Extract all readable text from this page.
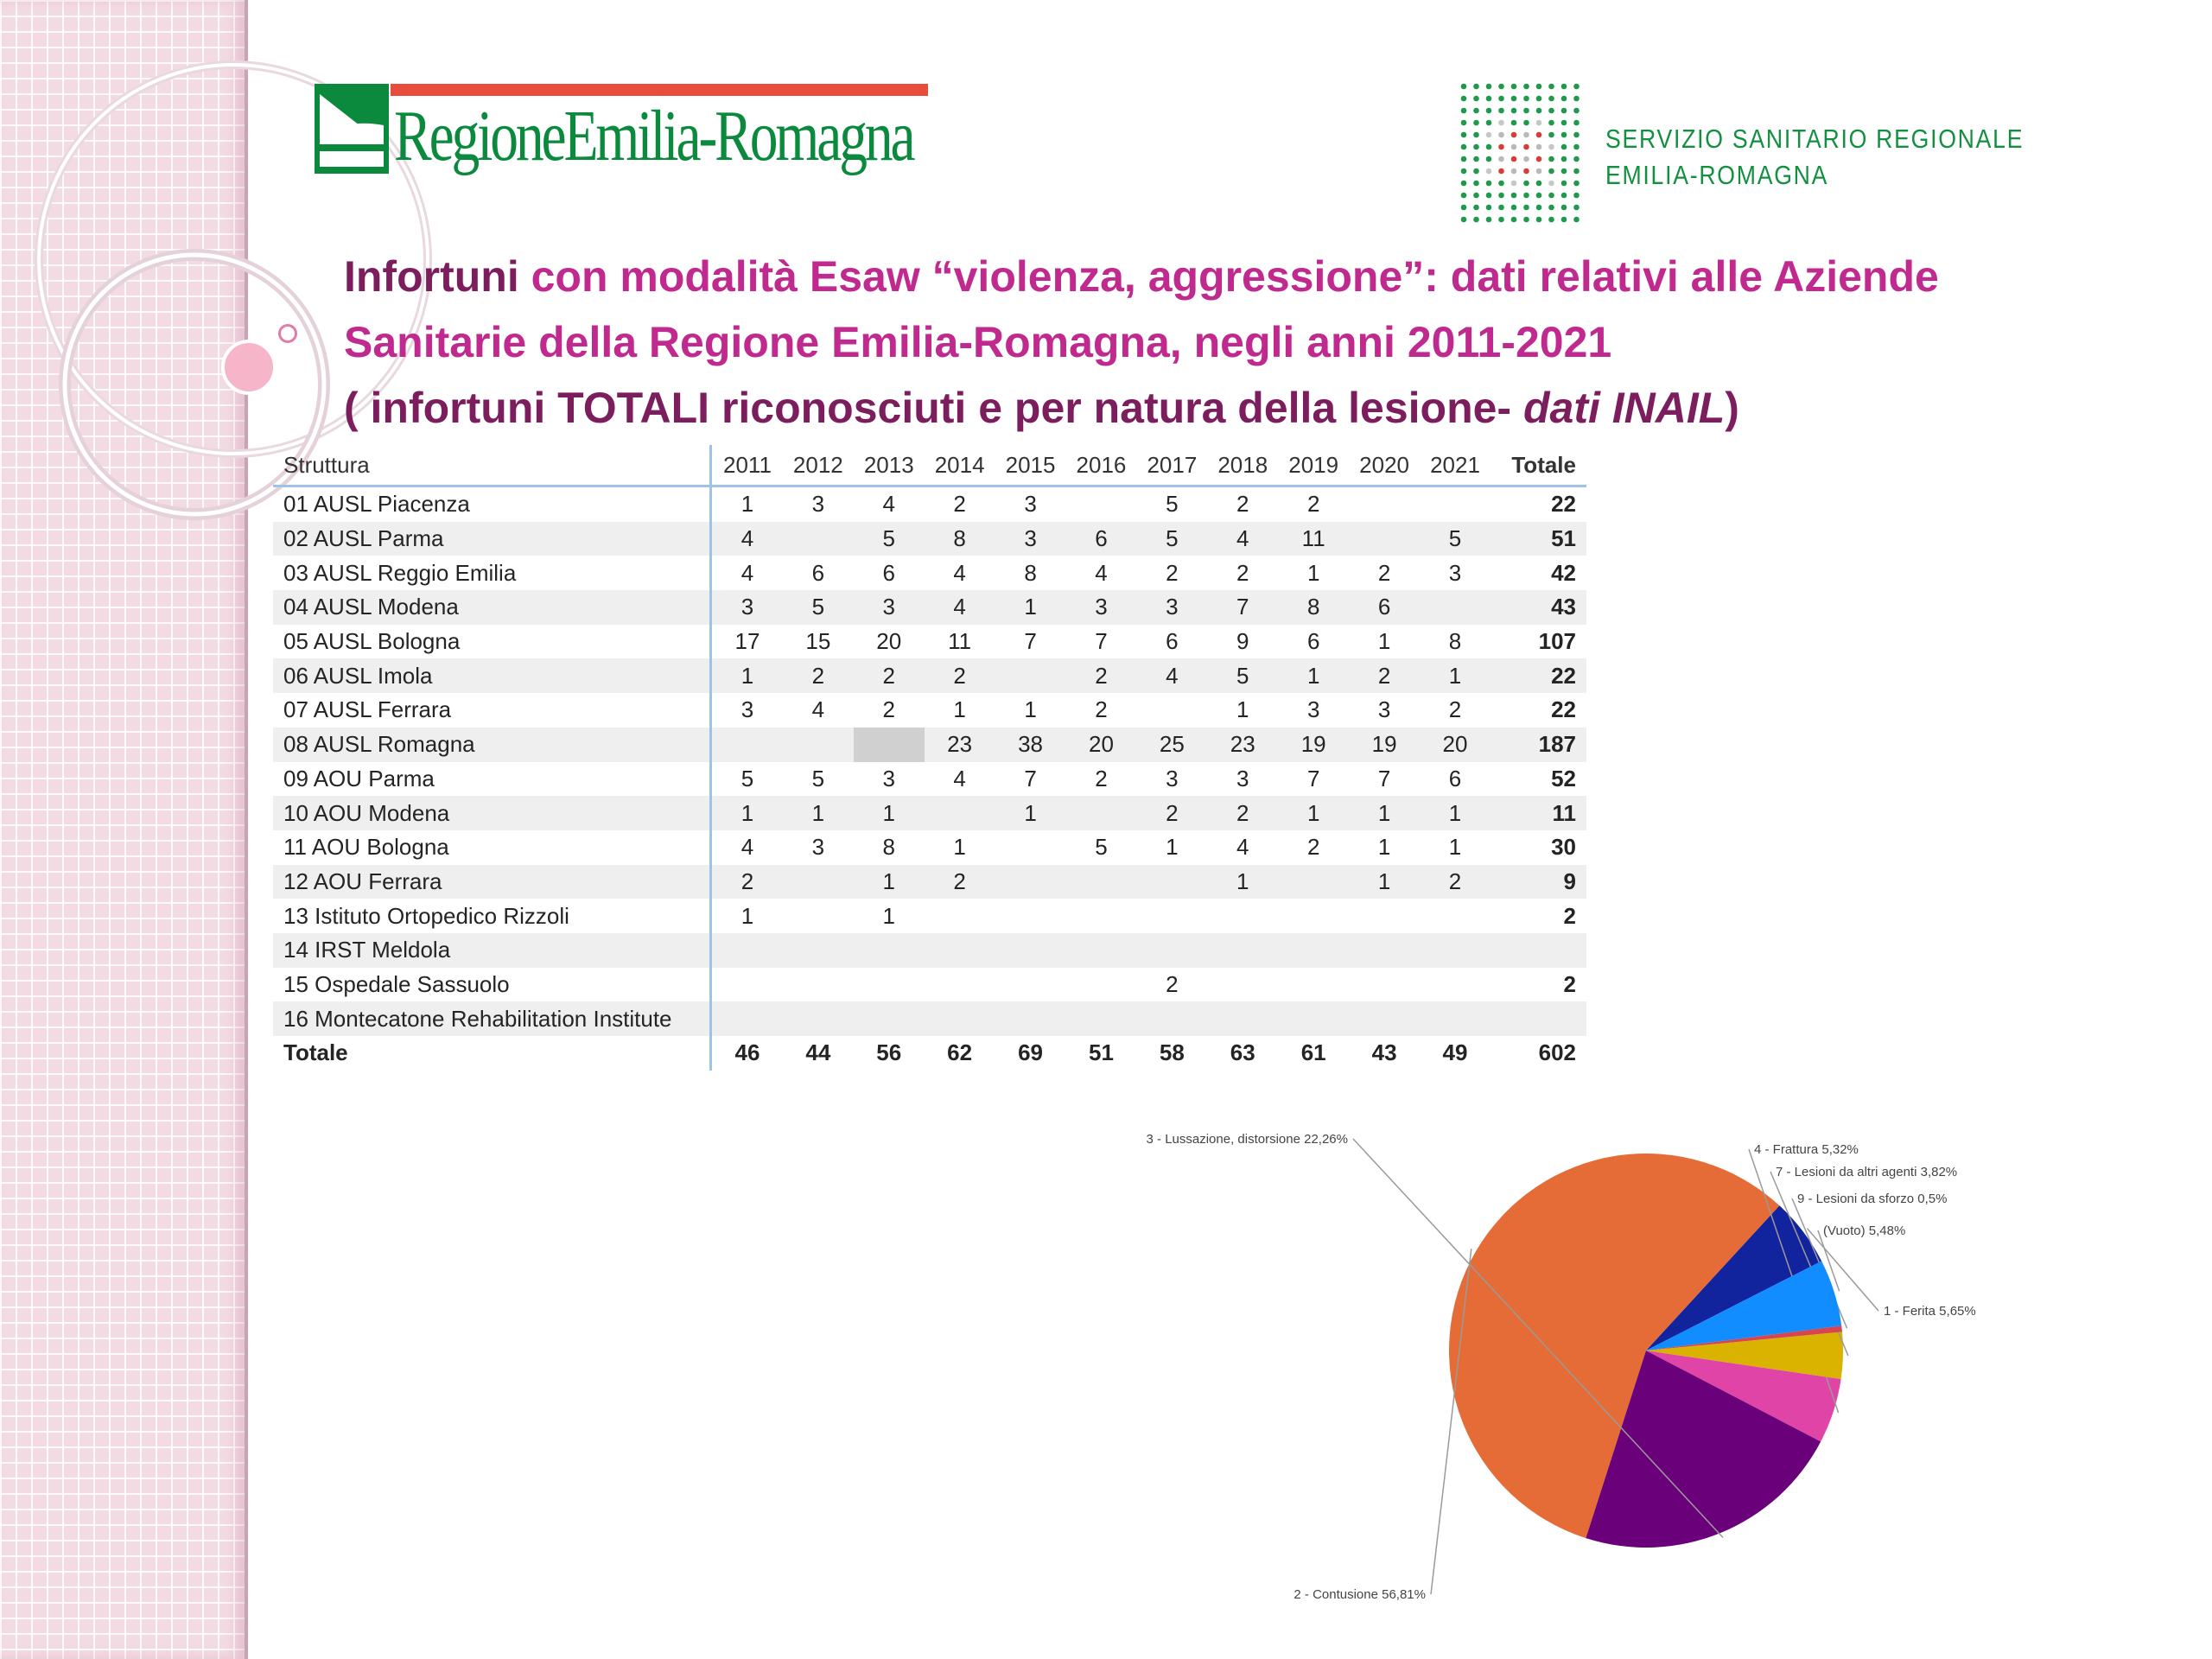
RegioneEmilia-Romagna	SERVIZIO SANITARIO REGIONALE
EMILIA-ROMAGNA
Infortuni con modalità Esaw “violenza, aggressione”: dati relativi alle Aziende
Sanitarie della Regione Emilia-Romagna, negli anni 2011-2021
( infortuni TOTALI riconosciuti e per natura della lesione- dati INAIL)
Struttura	2011	2012	2013	2014	2015	2016	2017	2018	2019	2020	2021	Totale
01 AUSL Piacenza	1	3	4	2	3		5	2	2			22
02 AUSL Parma	4		5	8	3	6	5	4	11		5	51
03 AUSL Reggio Emilia	4	6	6	4	8	4	2	2	1	2	3	42
04 AUSL Modena	3	5	3	4	1	3	3	7	8	6		43
05 AUSL Bologna	17	15	20	11	7	7	6	9	6	1	8	107
06 AUSL Imola	1	2	2	2		2	4	5	1	2	1	22
07 AUSL Ferrara	3	4	2	1	1	2		1	3	3	2	22
08 AUSL Romagna				23	38	20	25	23	19	19	20	187
09 AOU Parma	5	5	3	4	7	2	3	3	7	7	6	52
10 AOU Modena	1	1	1		1		2	2	1	1	1	11
11 AOU Bologna	4	3	8	1		5	1	4	2	1	1	30
12 AOU Ferrara	2		1	2				1		1	2	9
13 Istituto Ortopedico Rizzoli	1		1									2
14 IRST Meldola												
15 Ospedale Sassuolo							2					2
16 Montecatone Rehabilitation Institute												
Totale	46	44	56	62	69	51	58	63	61	43	49	602
1 - Ferita 5,65%
2 - Contusione 56,81%
3 - Lussazione, distorsione 22,26%
4 - Frattura 5,32%
7 - Lesioni da altri agenti 3,82%
9 - Lesioni da sforzo 0,5%
(Vuoto) 5,48%
